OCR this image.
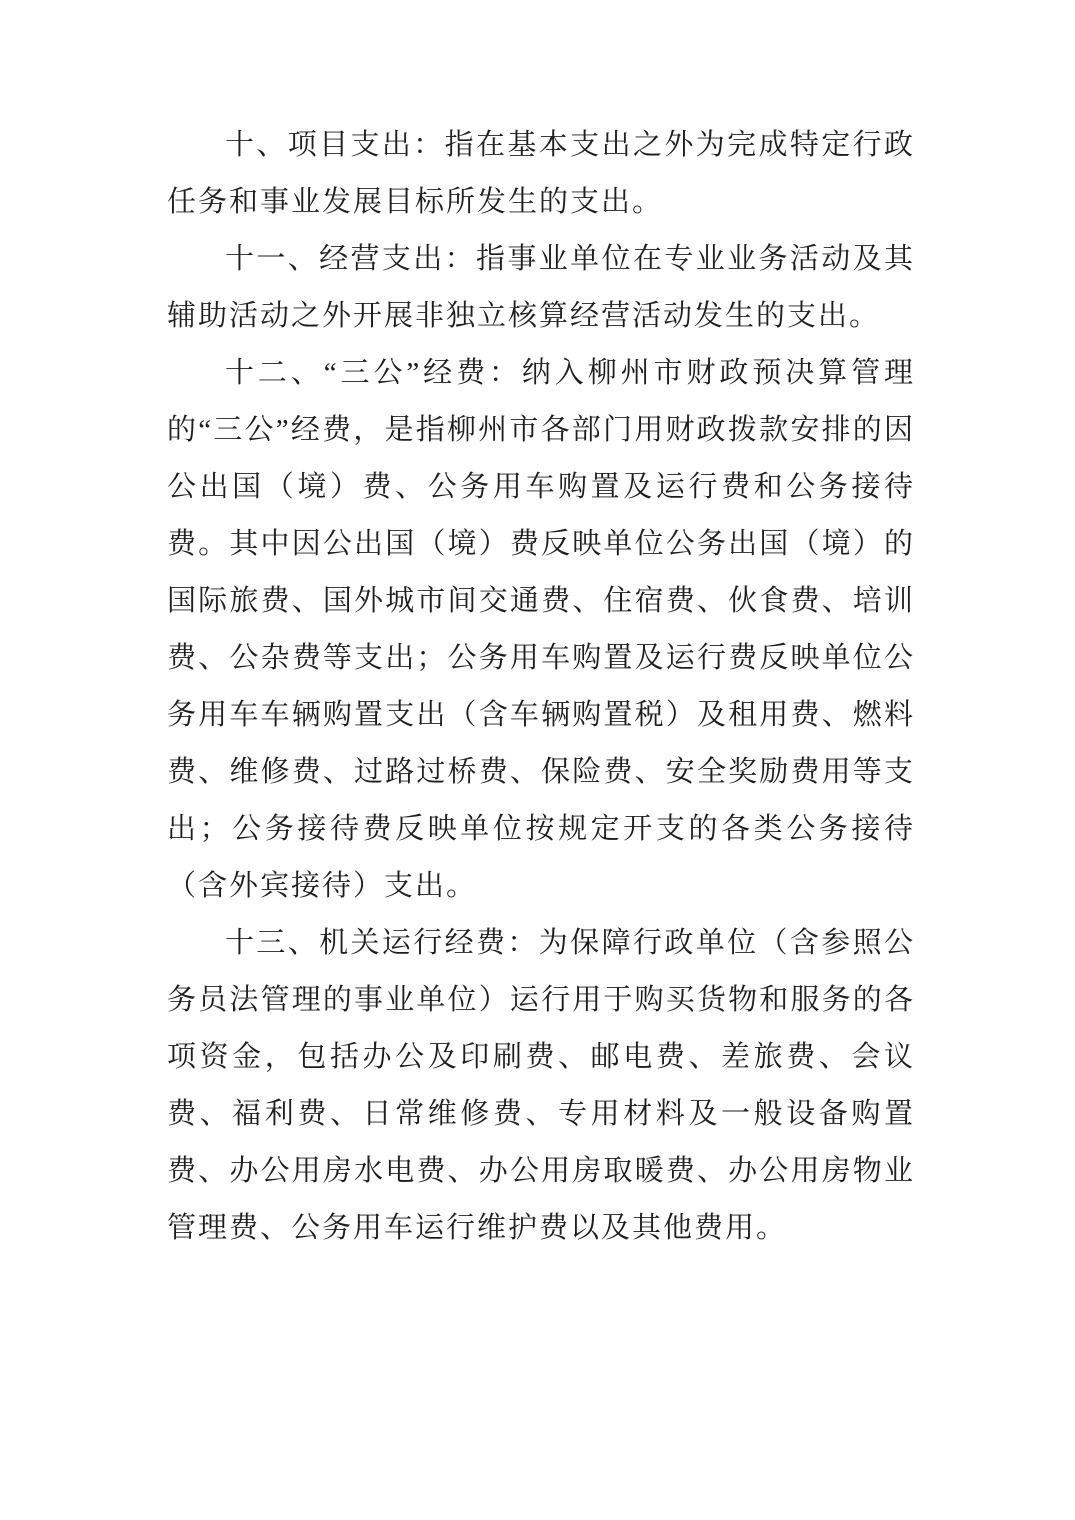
十、项目支出：指在基本支出之外为完成特定行政任务和事业发展目标所发生的支出。

十一、经营支出：指事业单位在专业业务活动及其辅助活动之外开展非独立核算经营活动发生的支出。

十二、“三公”经费：纳入柳州市财政预决算管理的“三公”经费，是指柳州市各部门用财政拨款安排的因公出国（境）费、公务用车购置及运行费和公务接待费。其中因公出国（境）费反映单位公务出国（境）的国际旅费、国外城市间交通费、住宿费、伙食费、培训费、公杂费等支出；公务用车购置及运行费反映单位公务用车车辆购置支出（含车辆购置税）及租用费、燃料费、维修费、过路过桥费、保险费、安全奖励费用等支出；公务接待费反映单位按规定开支的各类公务接待（含外宾接待）支出。

十三、机关运行经费：为保障行政单位（含参照公务员法管理的事业单位）运行用于购买货物和服务的各项资金，包括办公及印刷费、邮电费、差旅费、会议费、福利费、日常维修费、专用材料及一般设备购置费、办公用房水电费、办公用房取暖费、办公用房物业管理费、公务用车运行维护费以及其他费用。
